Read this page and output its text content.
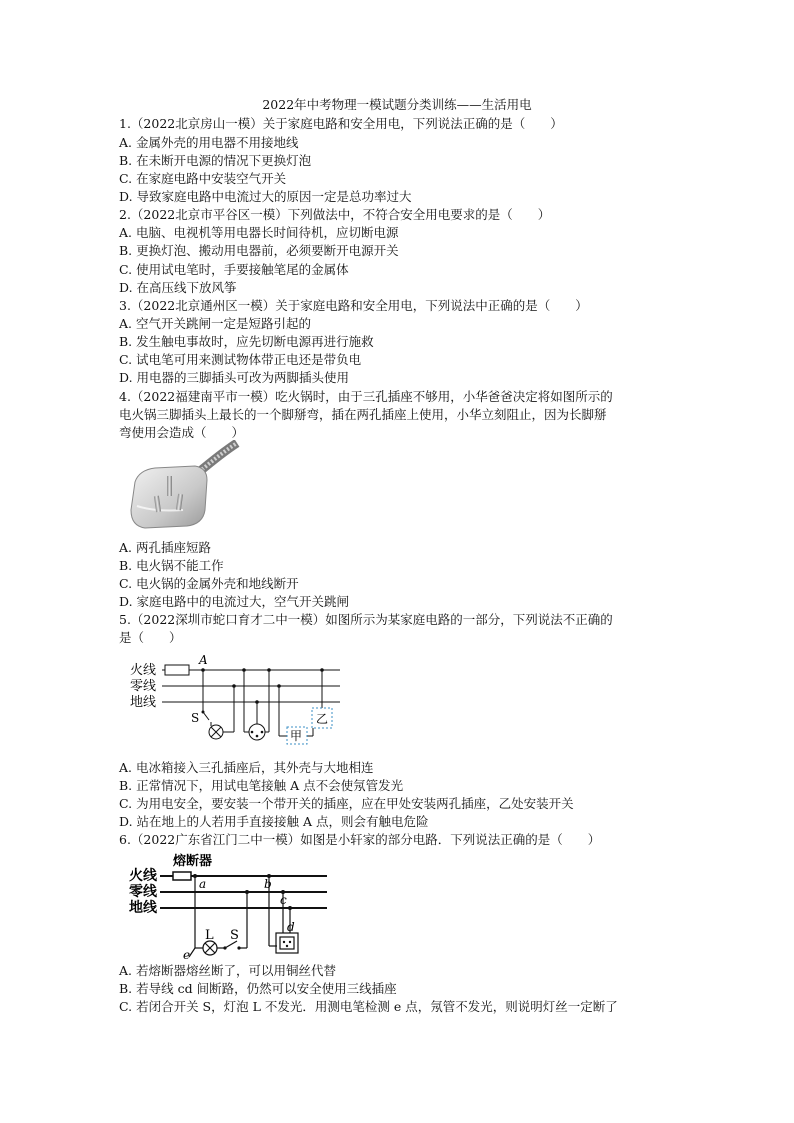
2022年中考物理一模试题分类训练——生活用电
1.（2022北京房山一模）关于家庭电路和安全用电，下列说法正确的是（　　）
A. 金属外壳的用电器不用接地线
B. 在未断开电源的情况下更换灯泡
C. 在家庭电路中安装空气开关
D. 导致家庭电路中电流过大的原因一定是总功率过大
2.（2022北京市平谷区一模）下列做法中，不符合安全用电要求的是（　　）
A. 电脑、电视机等用电器长时间待机，应切断电源
B. 更换灯泡、搬动用电器前，必须要断开电源开关
C. 使用试电笔时，手要接触笔尾的金属体
D. 在高压线下放风筝
3.（2022北京通州区一模）关于家庭电路和安全用电，下列说法中正确的是（　　）
A. 空气开关跳闸一定是短路引起的
B. 发生触电事故时，应先切断电源再进行施救
C. 试电笔可用来测试物体带正电还是带负电
D. 用电器的三脚插头可改为两脚插头使用
4.（2022福建南平市一模）吃火锅时，由于三孔插座不够用，小华爸爸决定将如图所示的
电火锅三脚插头上最长的一个脚掰弯，插在两孔插座上使用，小华立刻阻止，因为长脚掰
弯使用会造成（　　）
A. 两孔插座短路
B. 电火锅不能工作
C. 电火锅的金属外壳和地线断开
D. 家庭电路中的电流过大，空气开关跳闸
5.（2022深圳市蛇口育才二中一模）如图所示为某家庭电路的一部分，下列说法不正确的
是（　　）
火线
零线
地线
A
S
甲
乙
A. 电冰箱接入三孔插座后，其外壳与大地相连
B. 正常情况下，用试电笔接触 A 点不会使氖管发光
C. 为用电安全，要安装一个带开关的插座，应在甲处安装两孔插座，乙处安装开关
D. 站在地上的人若用手直接接触 A 点，则会有触电危险
6.（2022广东省江门二中一模）如图是小轩家的部分电路．下列说法正确的是（　　）
熔断器
火线
零线
地线
a	b
c
d
e
L S
A. 若熔断器熔丝断了，可以用铜丝代替
B. 若导线 cd 间断路，仍然可以安全使用三线插座
C. 若闭合开关 S，灯泡 L 不发光．用测电笔检测 e 点，氖管不发光，则说明灯丝一定断了
